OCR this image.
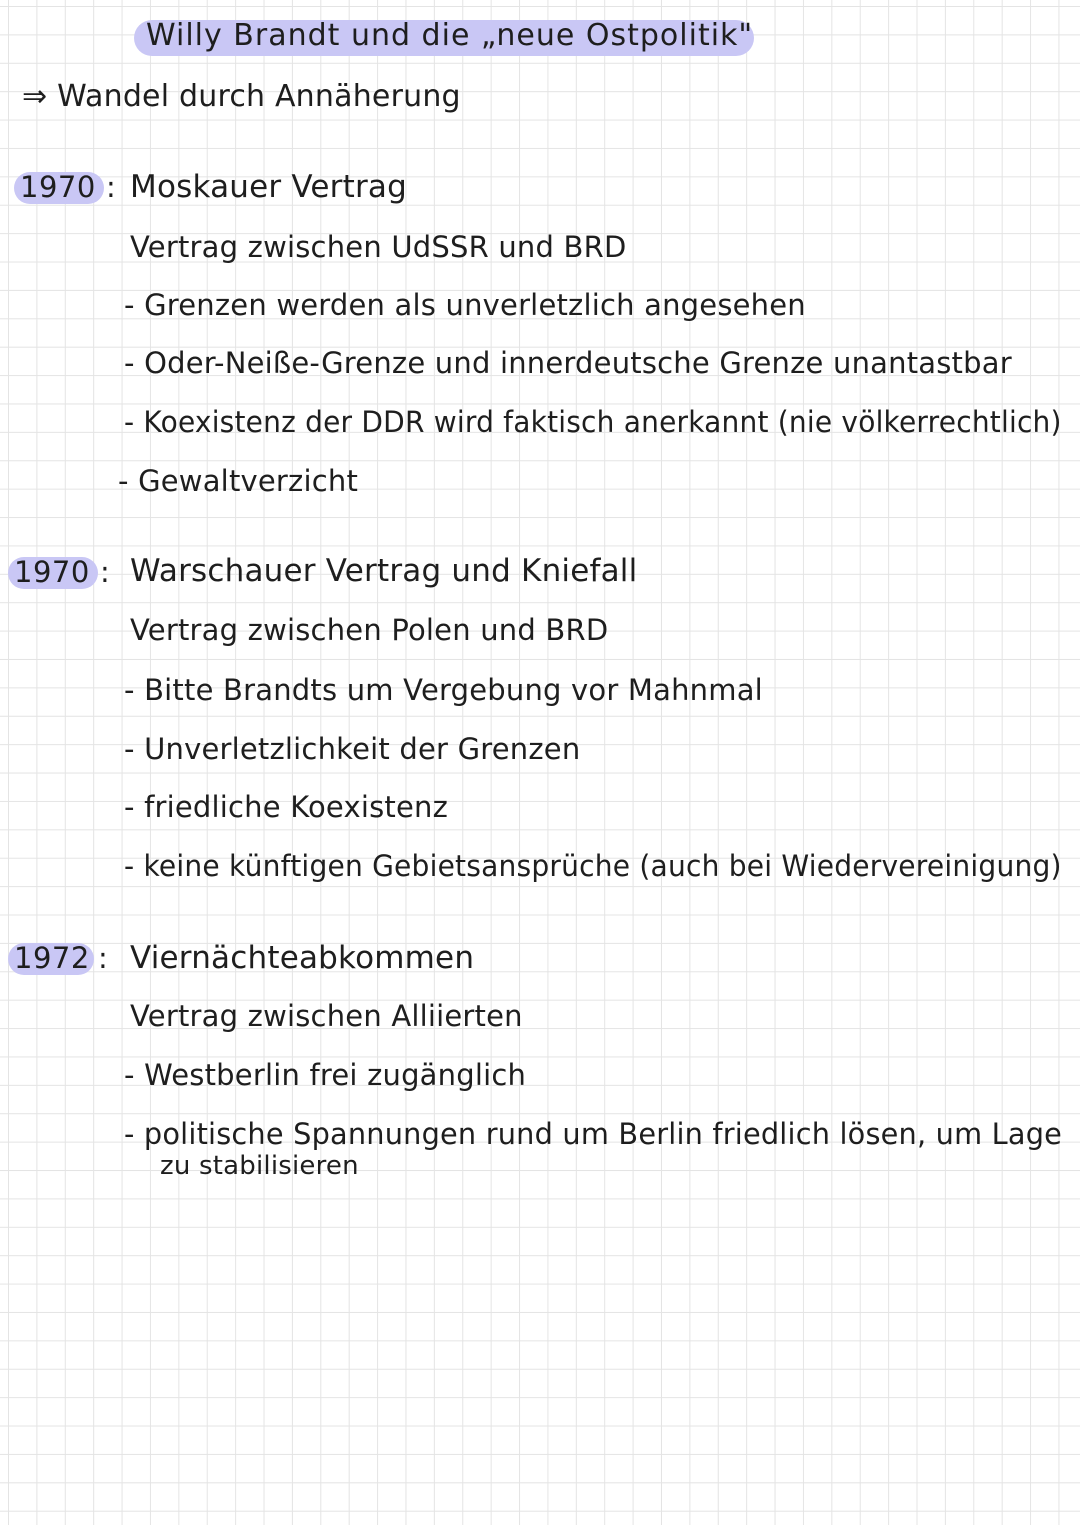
Willy Brandt und die „neue Ostpolitik"
⇒ Wandel durch Annäherung
1970 : Moskauer Vertrag
Vertrag zwischen UdSSR und BRD
- Grenzen werden als unverletzlich angesehen
- Oder-Neiße-Grenze und innerdeutsche Grenze unantastbar
- Koexistenz der DDR wird faktisch anerkannt (nie völkerrechtlich)
- Gewaltverzicht
1970 : Warschauer Vertrag und Kniefall
Vertrag zwischen Polen und BRD
- Bitte Brandts um Vergebung vor Mahnmal
- Unverletzlichkeit der Grenzen
- friedliche Koexistenz
- keine künftigen Gebietsansprüche (auch bei Wiedervereinigung)
1972 : Viernächteabkommen
Vertrag zwischen Alliierten
- Westberlin frei zugänglich
- politische Spannungen rund um Berlin friedlich lösen, um Lage
zu stabilisieren
